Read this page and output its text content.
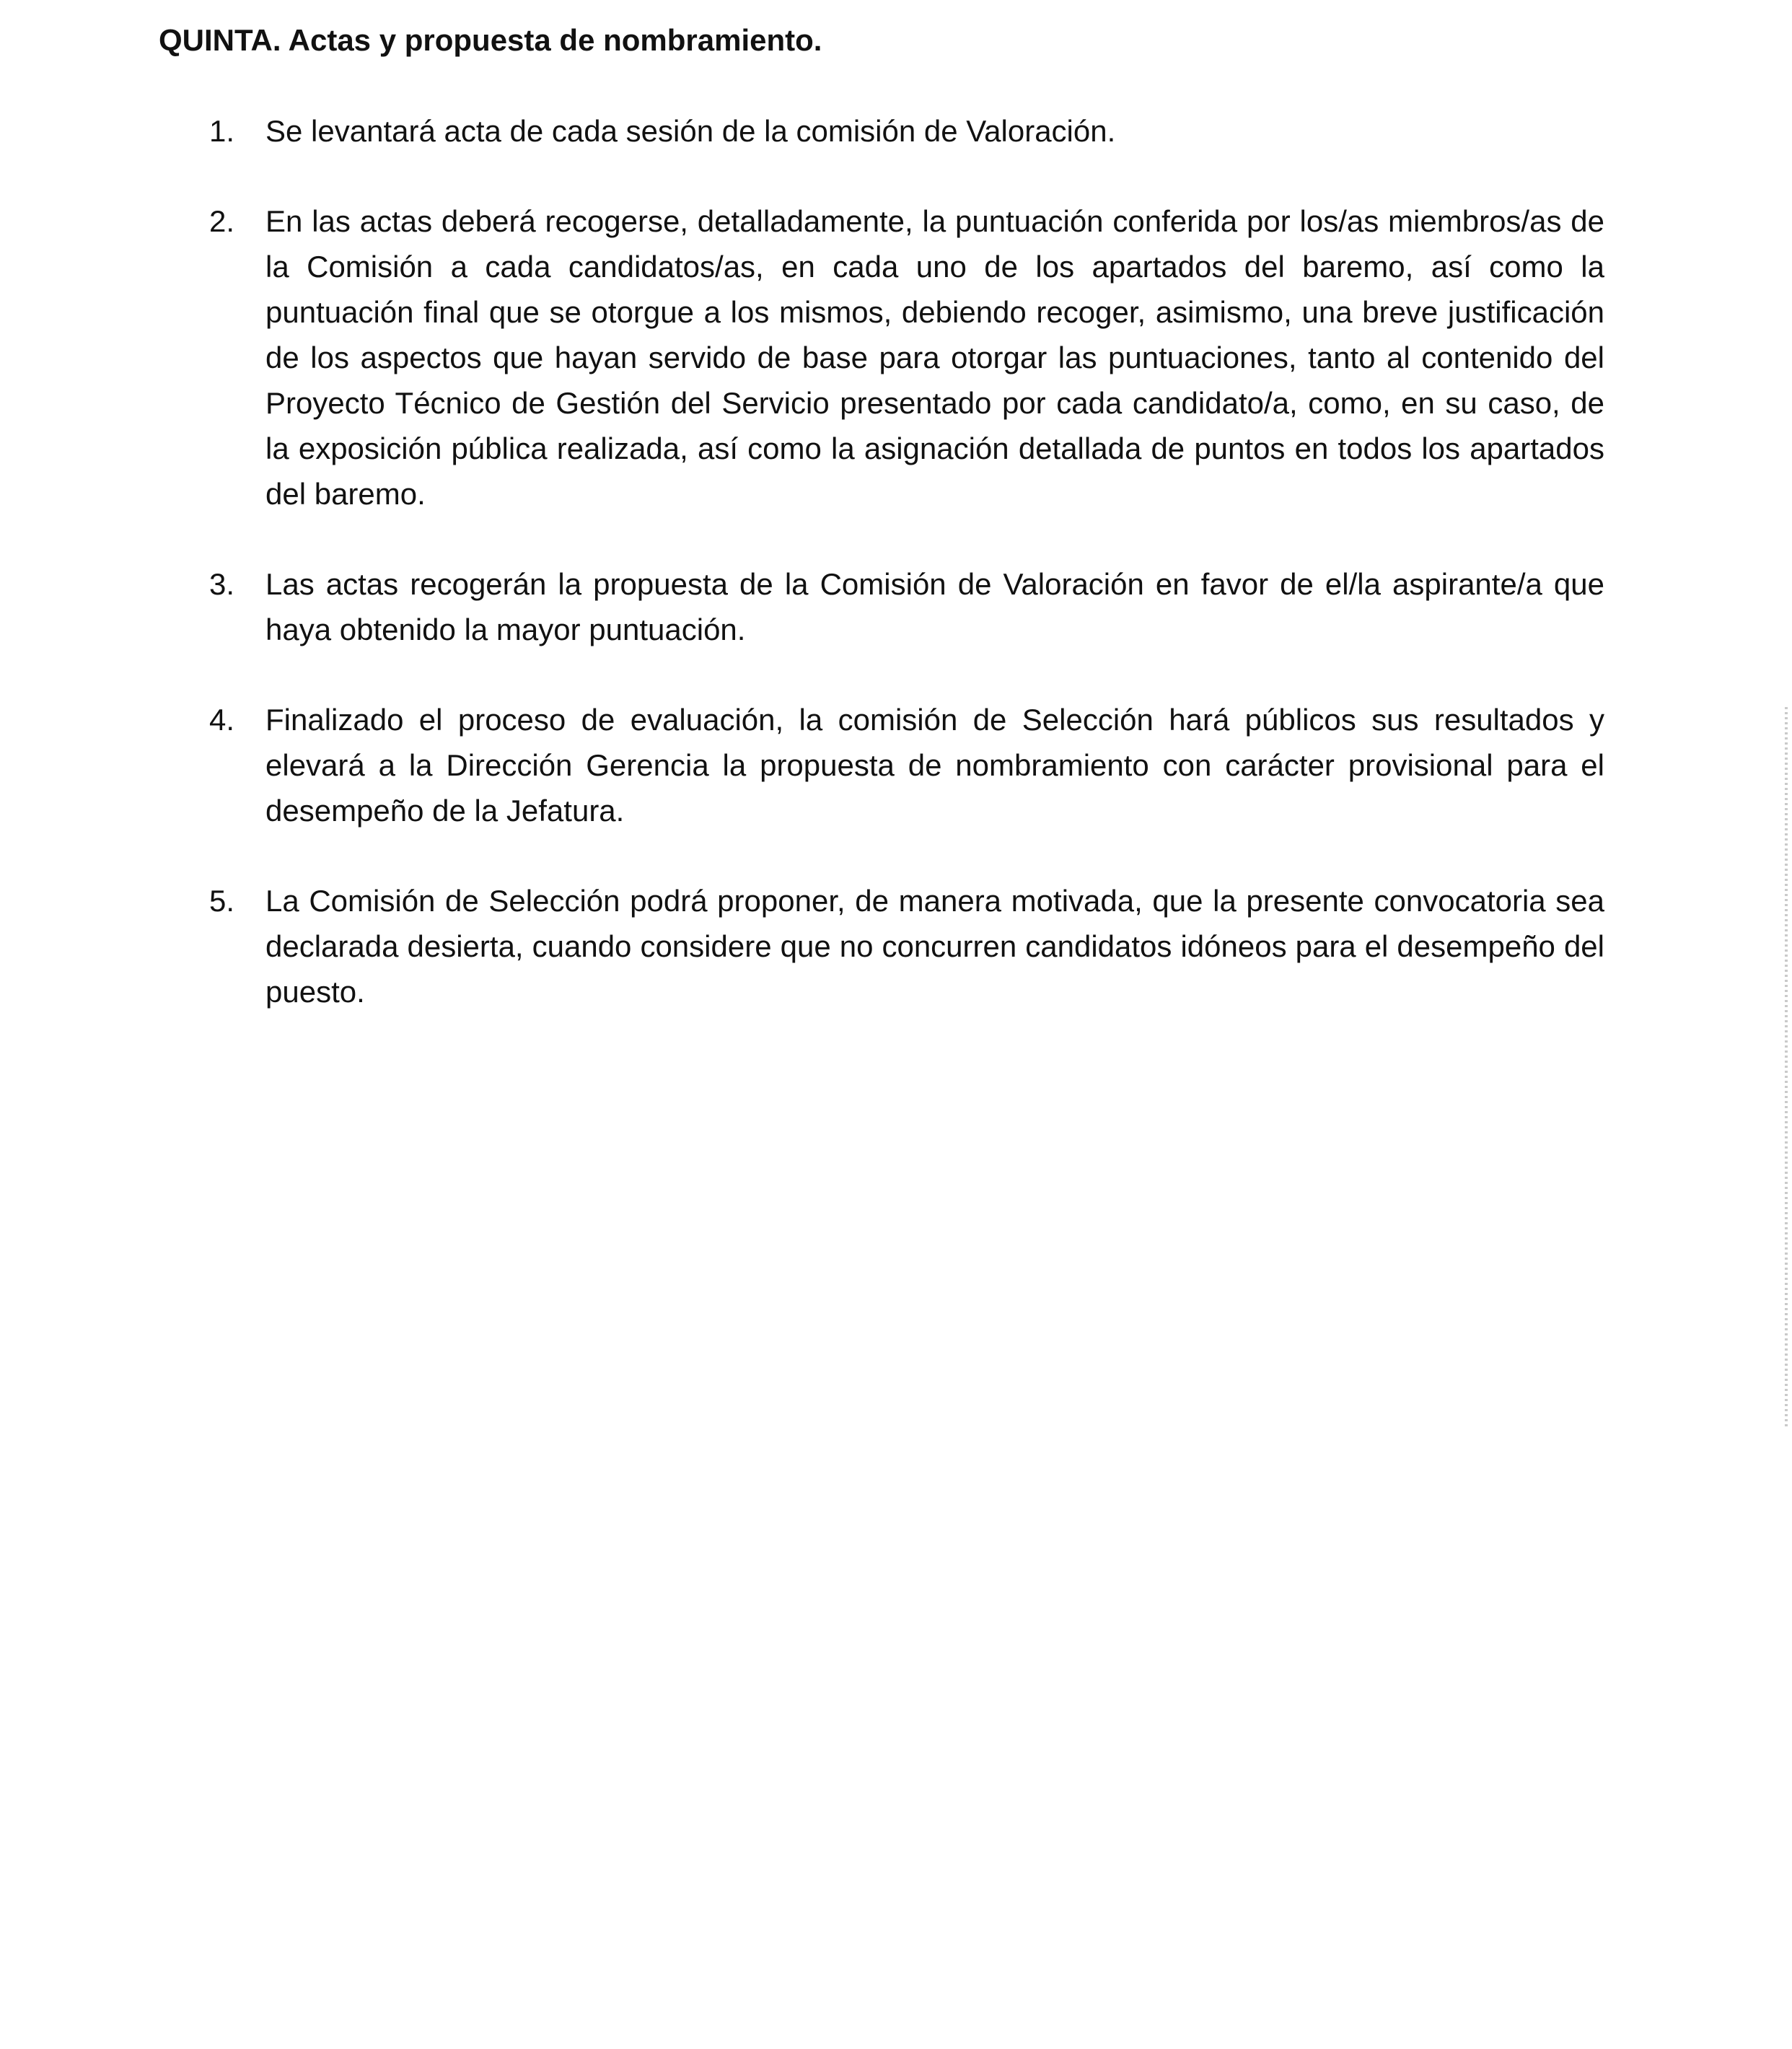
QUINTA. Actas y propuesta de nombramiento.
1.	Se levantará acta de cada sesión de la comisión de Valoración.
2.	En las actas deberá recogerse, detalladamente, la puntuación conferida por los/as miembros/as de la Comisión a cada candidatos/as, en cada uno de los apartados del baremo, así como la puntuación final que se otorgue a los mismos, debiendo recoger, asimismo, una breve justificación de los aspectos que hayan servido de base para otorgar las puntuaciones, tanto al contenido del Proyecto Técnico de Gestión del Servicio presentado por cada candidato/a, como, en su caso, de la exposición pública realizada, así como la asignación detallada de puntos en todos los apartados del baremo.
3.	Las actas recogerán la propuesta de la Comisión de Valoración en favor de el/la aspirante/a que haya obtenido la mayor puntuación.
4.	Finalizado el proceso de evaluación, la comisión de Selección hará públicos sus resultados y elevará a la Dirección Gerencia la propuesta de nombramiento con carácter provisional para el desempeño de la Jefatura.
5.	La Comisión de Selección podrá proponer, de manera motivada, que la presente convocatoria sea declarada desierta, cuando considere que no concurren candidatos idóneos para el desempeño del puesto.
